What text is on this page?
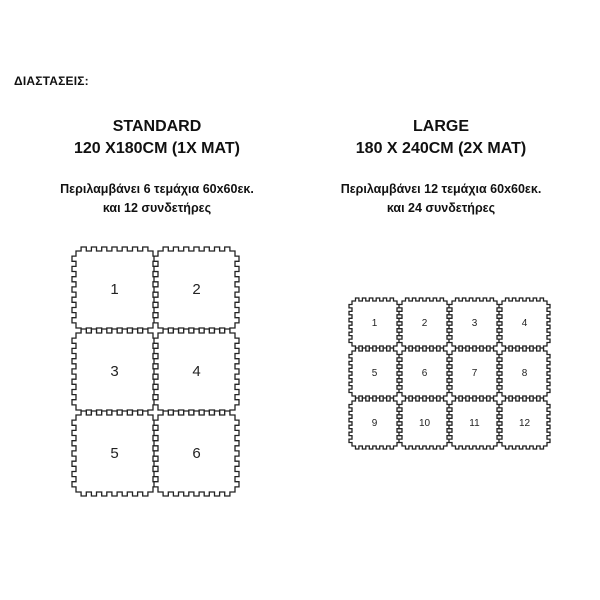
ΔΙΑΣΤΑΣΕΙΣ:
STANDARD
120 X180CM (1X MAT)
Περιλαμβάνει 6 τεμάχια 60x60εκ.
και 12 συνδετήρες
LARGE
180 X 240CM (2X MAT)
Περιλαμβάνει 12 τεμάχια 60x60εκ.
και 24 συνδετήρες
1	2
3	4
5	6
1	2	3	4
5	6	7	8
9	10	11	12
